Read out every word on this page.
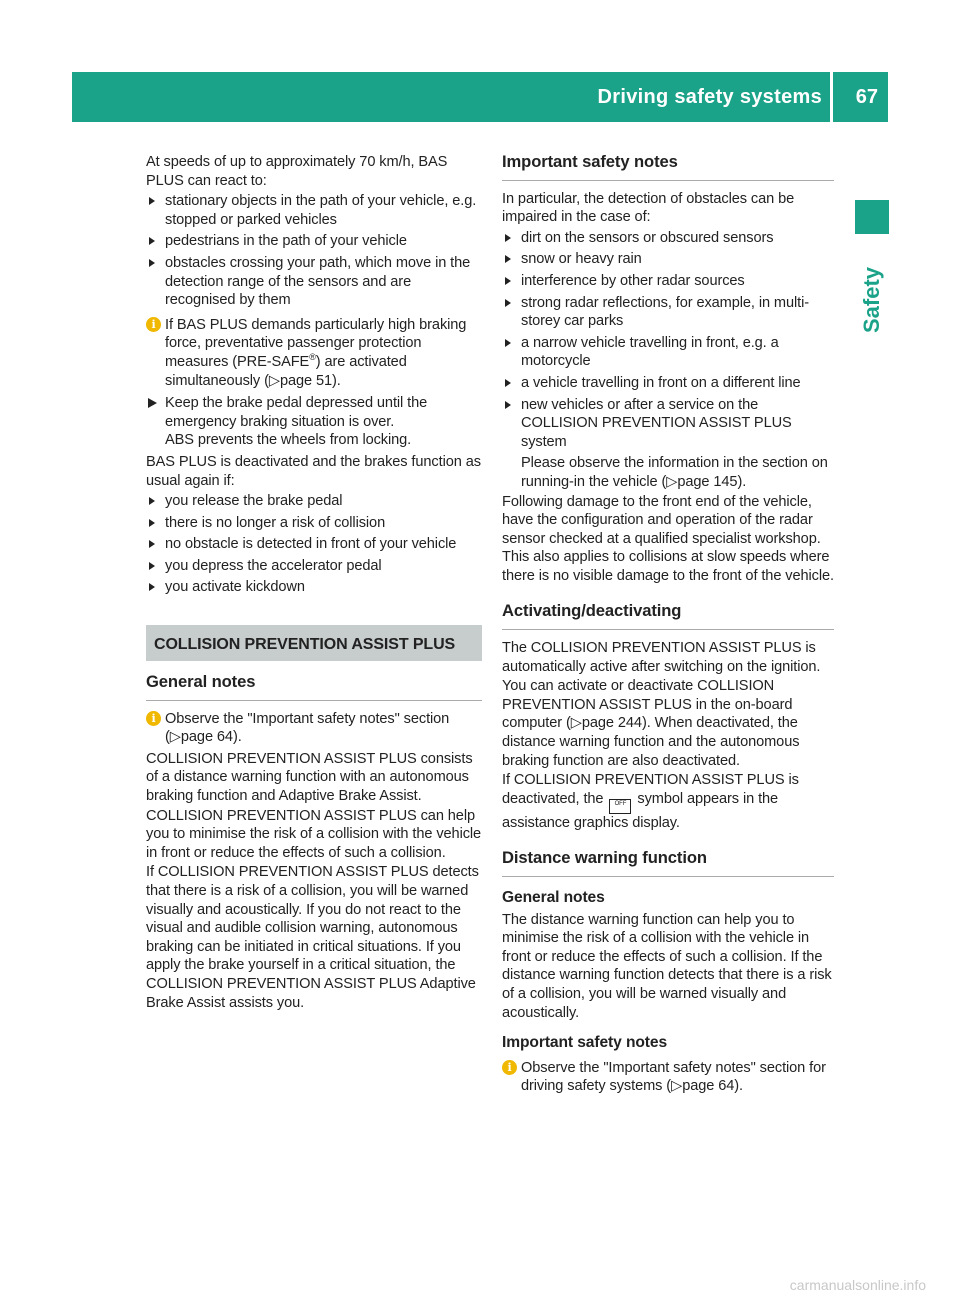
Driving safety systems 67
Safety

At speeds of up to approximately 70 km/h, BAS PLUS can react to:

stationary objects in the path of your vehicle, e.g. stopped or parked vehicles
pedestrians in the path of your vehicle
obstacles crossing your path, which move in the detection range of the sensors and are recognised by them
i If BAS PLUS demands particularly high braking force, preventative passenger protection measures (PRE-SAFE®) are activated simultaneously (▷page 51).
Keep the brake pedal depressed until the emergency braking situation is over.
ABS prevents the wheels from locking.

BAS PLUS is deactivated and the brakes function as usual again if:

you release the brake pedal
there is no longer a risk of collision
no obstacle is detected in front of your vehicle
you depress the accelerator pedal
you activate kickdown
COLLISION PREVENTION ASSIST PLUS
General notes
i Observe the "Important safety notes" section (▷page 64).

COLLISION PREVENTION ASSIST PLUS consists of a distance warning function with an autonomous braking function and Adaptive Brake Assist.

COLLISION PREVENTION ASSIST PLUS can help you to minimise the risk of a collision with the vehicle in front or reduce the effects of such a collision.

If COLLISION PREVENTION ASSIST PLUS detects that there is a risk of a collision, you will be warned visually and acoustically. If you do not react to the visual and audible collision warning, autonomous braking can be initiated in critical situations. If you apply the brake yourself in a critical situation, the COLLISION PREVENTION ASSIST PLUS Adaptive Brake Assist assists you.

Important safety notes

In particular, the detection of obstacles can be impaired in the case of:

dirt on the sensors or obscured sensors
snow or heavy rain
interference by other radar sources
strong radar reflections, for example, in multi-storey car parks
a narrow vehicle travelling in front, e.g. a motorcycle
a vehicle travelling in front on a different line
new vehicles or after a service on the COLLISION PREVENTION ASSIST PLUS system
Please observe the information in the section on running-in the vehicle (▷page 145).

Following damage to the front end of the vehicle, have the configuration and operation of the radar sensor checked at a qualified specialist workshop. This also applies to collisions at slow speeds where there is no visible damage to the front of the vehicle.

Activating/deactivating

The COLLISION PREVENTION ASSIST PLUS is automatically active after switching on the ignition.

You can activate or deactivate COLLISION PREVENTION ASSIST PLUS in the on-board computer (▷page 244). When deactivated, the distance warning function and the autonomous braking function are also deactivated.

If COLLISION PREVENTION ASSIST PLUS is deactivated, the OFF symbol appears in the assistance graphics display.

Distance warning function
General notes

The distance warning function can help you to minimise the risk of a collision with the vehicle in front or reduce the effects of such a collision. If the distance warning function detects that there is a risk of a collision, you will be warned visually and acoustically.

Important safety notes
i Observe the "Important safety notes" section for driving safety systems (▷page 64).
carmanualsonline.info
